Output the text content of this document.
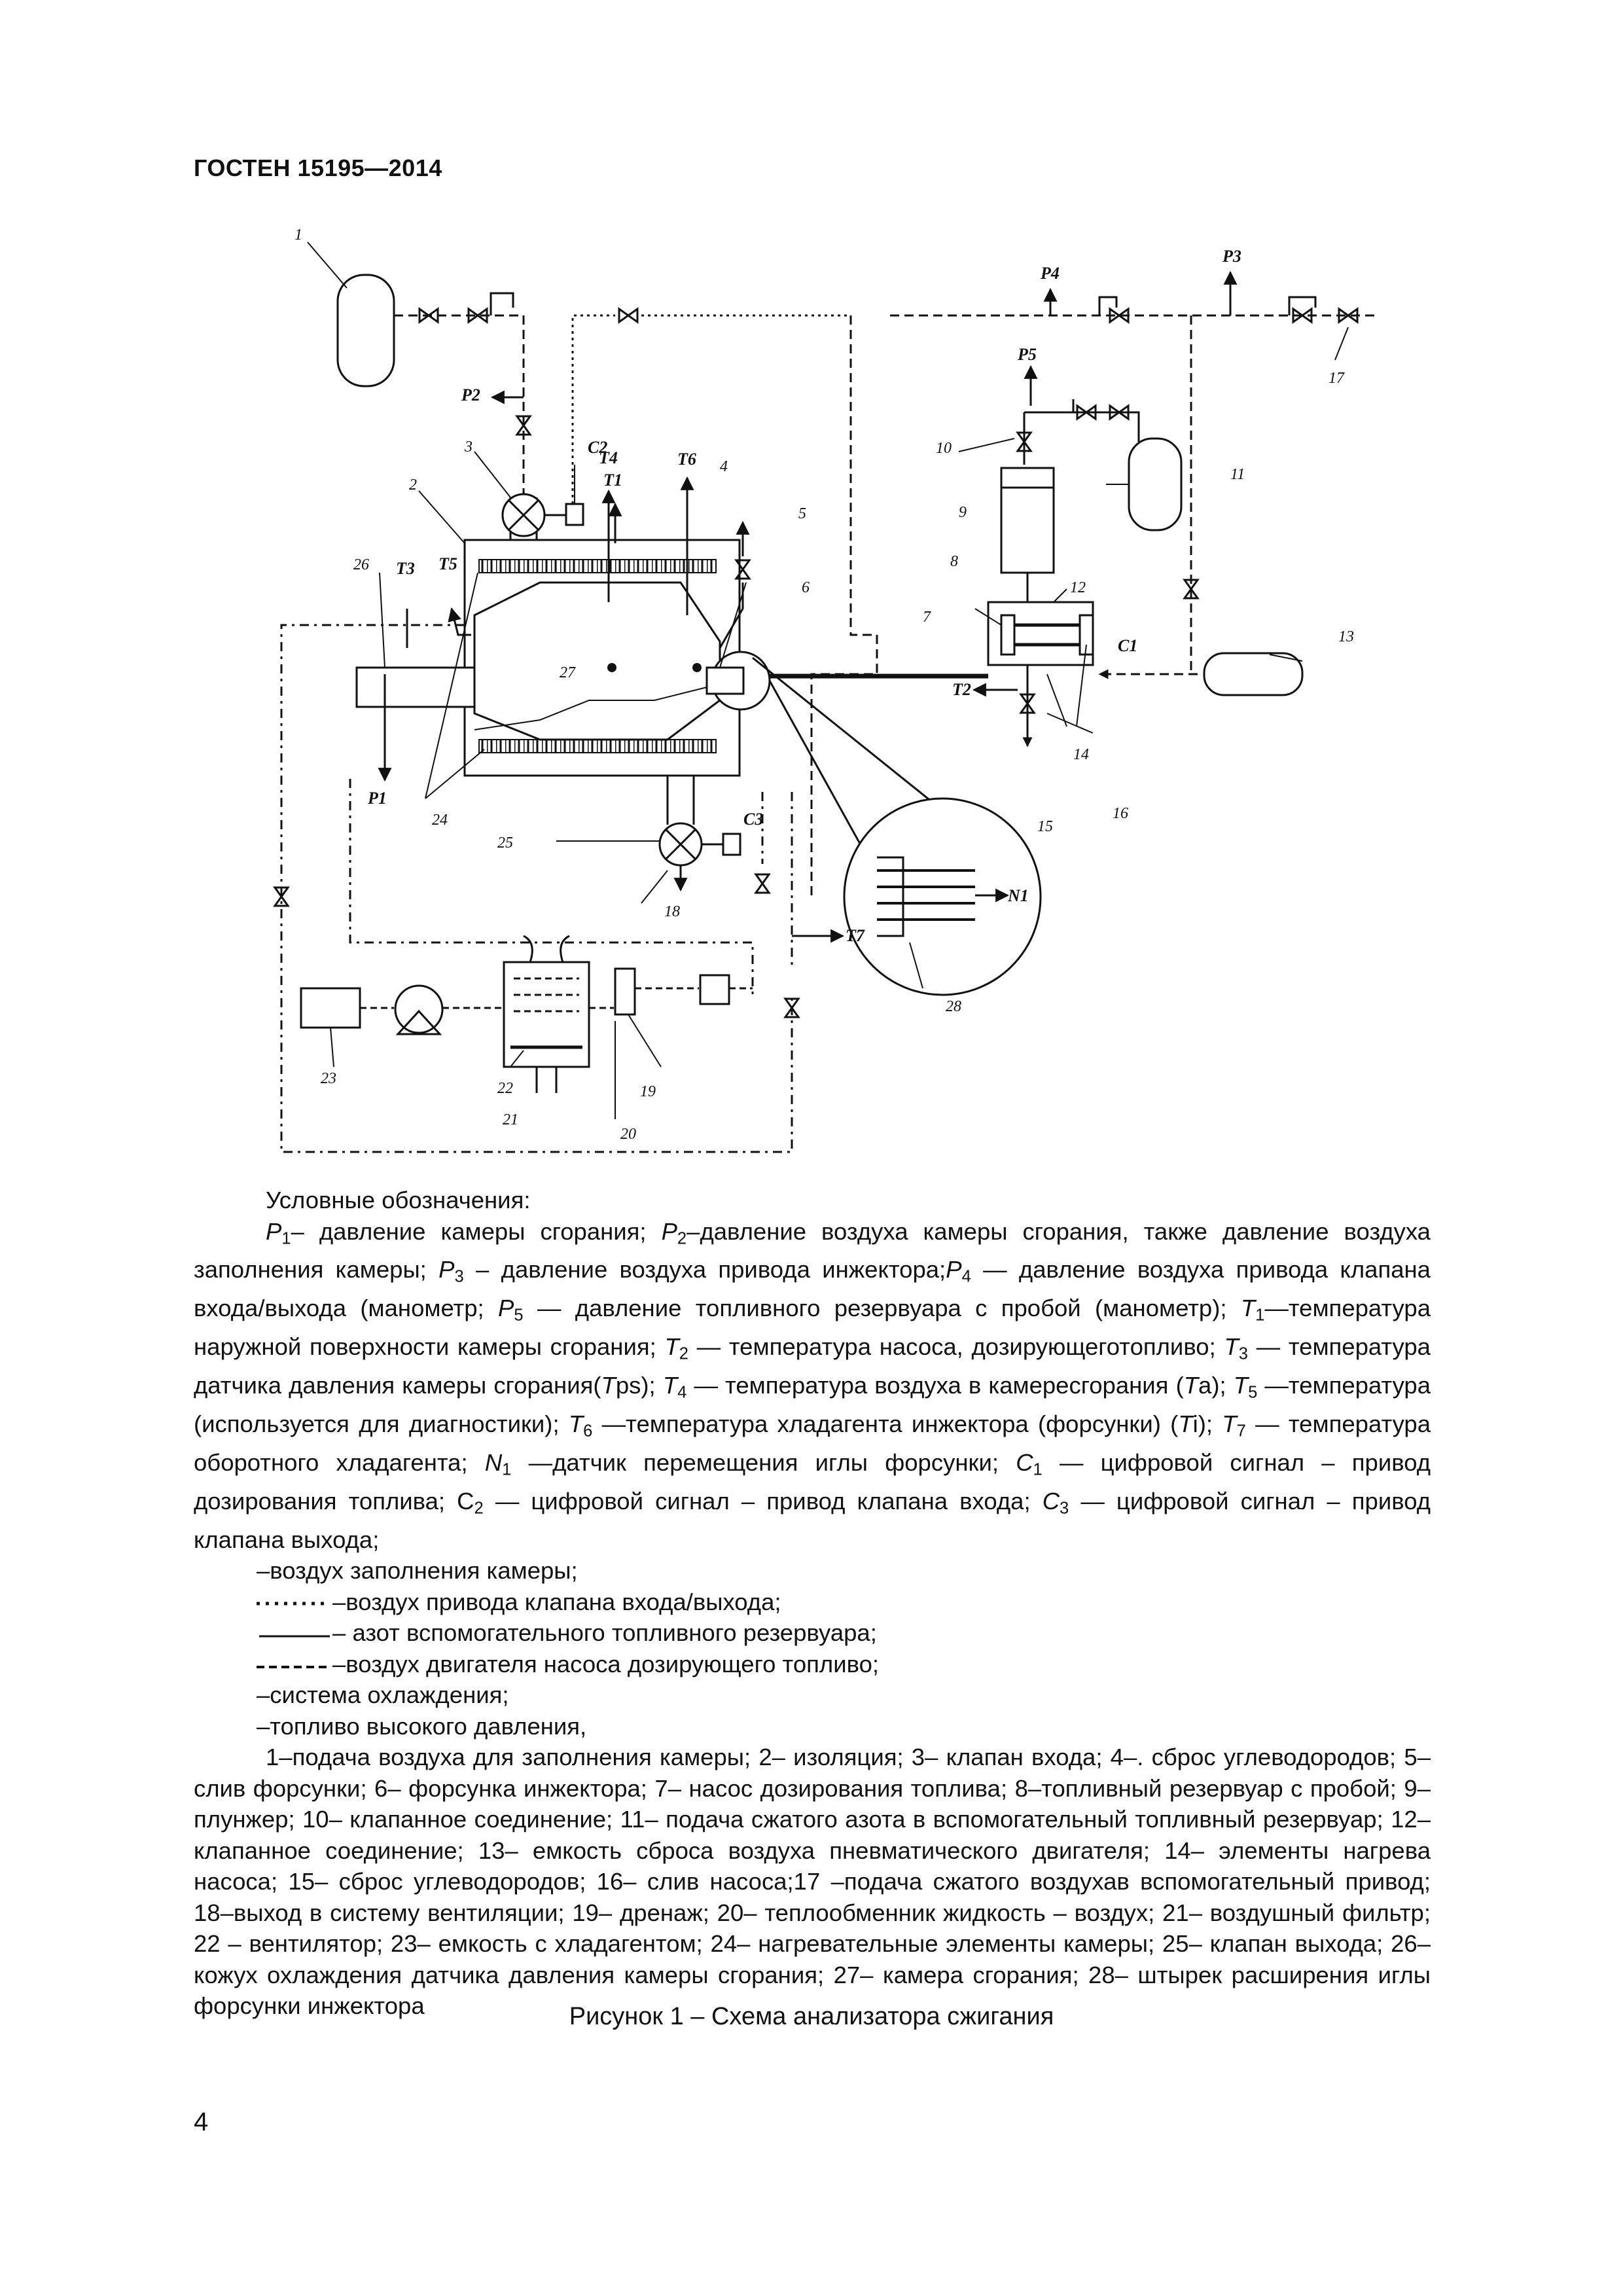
ГОСТЕН 15195—2014
1
2
3
4
5
6
7
8
9
10
11
12
13
14
15
16
17
18
19
20
21
22
23
24
25
26
27
28
P1
P2
P3
P4
P5
T1
T2
T3
T4
T5
T6
T7
C1
C2
C3
N1

Условные обозначения:

$P_1-$ давление камеры сгорания; $P_2$–давление воздуха камеры сгорания, также давление воздуха заполнения камеры; $P_3$ – давление воздуха привода $инжектора;P_4$ — давление воздуха привода клапана входа/выхода (манометр; $P_5$ — давление топливного резервуара с пробой (манометр); $T_1—температура$ наружной поверхности камеры сгорания; $T_2$ — температура насоса, дозирующеготопливо; $T_3$ — температура датчика давления камеры сгорания(Tps); $T_4$ — температура воздуха в камересгорания (Ta); $T_5$ —температура (используется для диагностики); $T_6$ —температура хладагента инжектора (форсунки) (Ti); $T_7$ — температура оборотного хладагента; $N_1$ —датчик перемещения иглы форсунки; $C_1$ — цифровой сигнал – привод дозирования топлива; $C_2$ — цифровой сигнал – привод клапана входа; $C_3$ — цифровой сигнал – привод клапана выхода;

–воздух заполнения камеры;

–воздух привода клапана входа/выхода;

– азот вспомогательного топливного резервуара;

–воздух двигателя насоса дозирующего топливо;

–система охлаждения;

–топливо высокого давления,

1–подача воздуха для заполнения камеры; 2– изоляция; 3– клапан входа; 4–. сброс углеводородов; 5– слив форсунки; 6– форсунка инжектора; 7– насос дозирования топлива; 8–топливный резервуар с пробой; 9– плунжер; 10– клапанное соединение; 11– подача сжатого азота в вспомогательный топливный резервуар; 12– клапанное соединение; 13– емкость сброса воздуха пневматического двигателя; 14– элементы нагрева насоса; 15– сброс углеводородов; 16– слив насоса;17 –подача сжатого воздухав вспомогательный привод; 18–выход в систему вентиляции; 19– дренаж; 20– теплообменник жидкость – воздух; 21– воздушный фильтр; 22 – вентилятор; 23– емкость с хладагентом; 24– нагревательные элементы камеры; 25– клапан выхода; 26– кожух охлаждения датчика давления камеры сгорания; 27– камера сгорания; 28– штырек расширения иглы форсунки инжектора	Рисунок 1 – Схема анализатора сжигания
4
